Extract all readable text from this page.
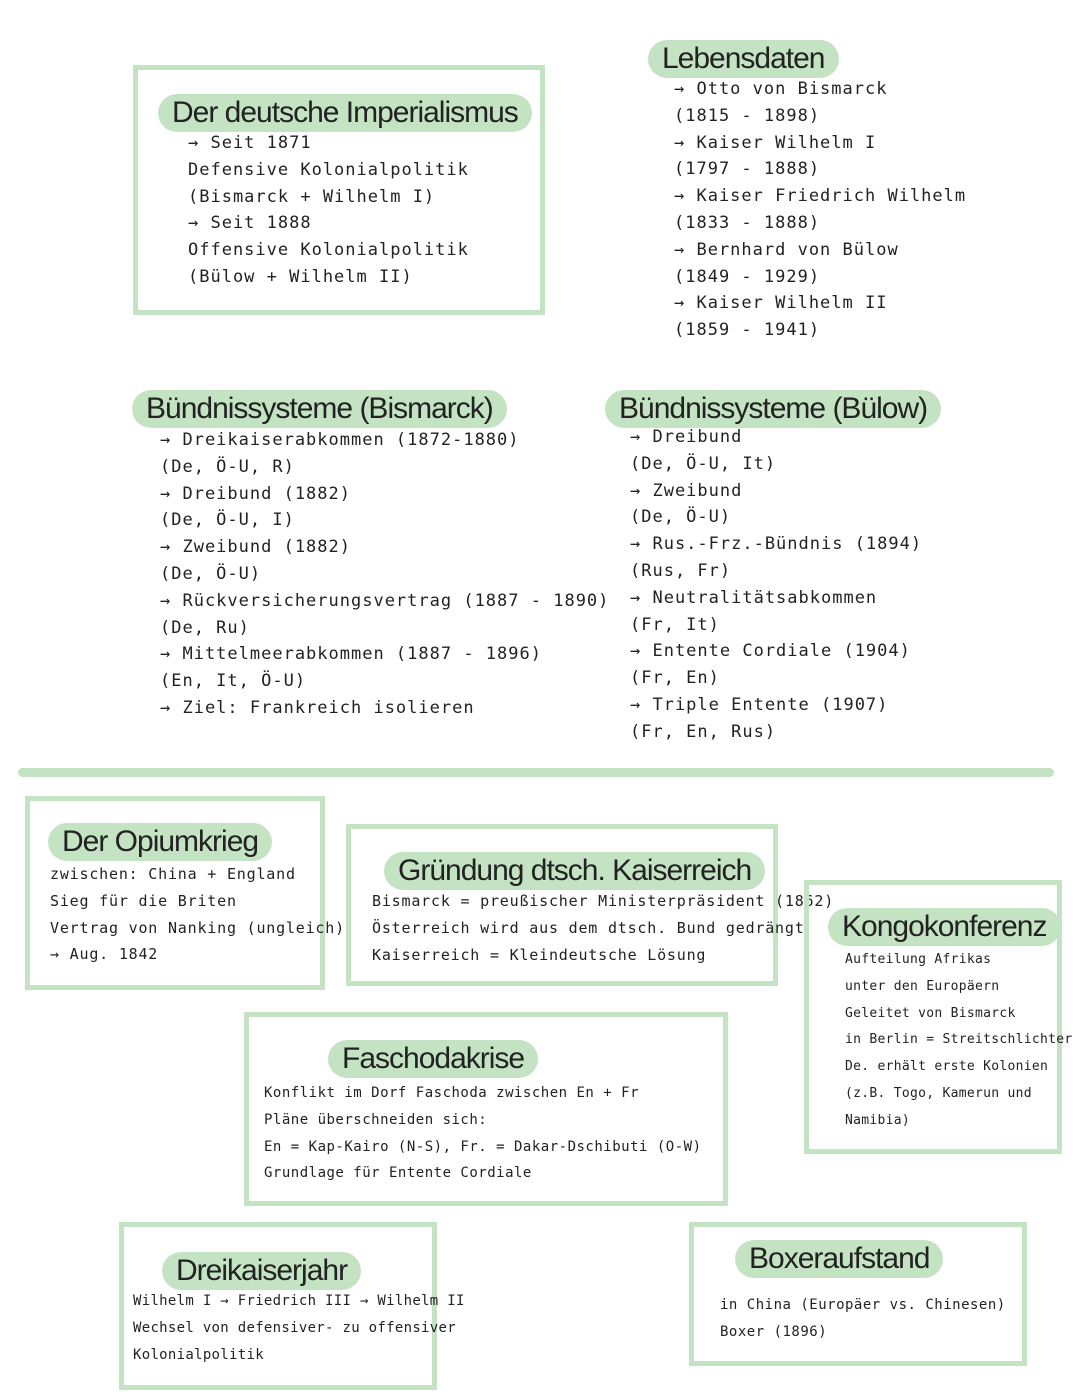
Der deutsche Imperialismus
→ Seit 1871
Defensive Kolonialpolitik
(Bismarck + Wilhelm I)
→ Seit 1888
Offensive Kolonialpolitik
(Bülow + Wilhelm II)
Lebensdaten
→ Otto von Bismarck
(1815 - 1898)
→ Kaiser Wilhelm I
(1797 - 1888)
→ Kaiser Friedrich Wilhelm
(1833 - 1888)
→ Bernhard von Bülow
(1849 - 1929)
→ Kaiser Wilhelm II
(1859 - 1941)
Bündnissysteme (Bismarck)
→ Dreikaiserabkommen (1872-1880)
(De, Ö-U, R)
→ Dreibund (1882)
(De, Ö-U, I)
→ Zweibund (1882)
(De, Ö-U)
→ Rückversicherungsvertrag (1887 - 1890)
(De, Ru)
→ Mittelmeerabkommen (1887 - 1896)
(En, It, Ö-U)
→ Ziel: Frankreich isolieren
Bündnissysteme (Bülow)
→ Dreibund
(De, Ö-U, It)
→ Zweibund
(De, Ö-U)
→ Rus.-Frz.-Bündnis (1894)
(Rus, Fr)
→ Neutralitätsabkommen
(Fr, It)
→ Entente Cordiale (1904)
(Fr, En)
→ Triple Entente (1907)
(Fr, En, Rus)
Der Opiumkrieg
zwischen: China + England
Sieg für die Briten
Vertrag von Nanking (ungleich)
→ Aug. 1842
Gründung dtsch. Kaiserreich
Bismarck = preußischer Ministerpräsident (1862)
Österreich wird aus dem dtsch. Bund gedrängt
Kaiserreich = Kleindeutsche Lösung
Kongokonferenz
Aufteilung Afrikas
unter den Europäern
Geleitet von Bismarck
in Berlin = Streitschlichter
De. erhält erste Kolonien
(z.B. Togo, Kamerun und
Namibia)
Faschodakrise
Konflikt im Dorf Faschoda zwischen En + Fr
Pläne überschneiden sich:
En = Kap-Kairo (N-S), Fr. = Dakar-Dschibuti (O-W)
Grundlage für Entente Cordiale
Dreikaiserjahr
Wilhelm I → Friedrich III → Wilhelm II
Wechsel von defensiver- zu offensiver
Kolonialpolitik
Boxeraufstand
in China (Europäer vs. Chinesen)
Boxer (1896)
